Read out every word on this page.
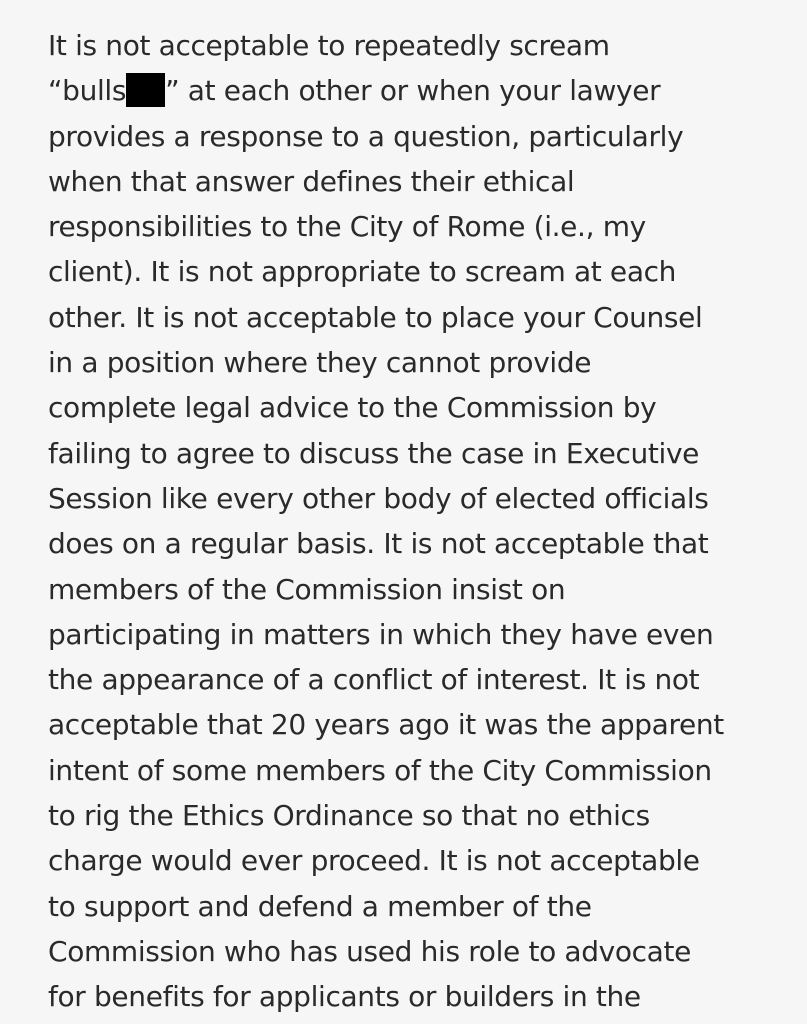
It is not acceptable to repeatedly scream
“bulls ” at each other or when your lawyer
provides a response to a question, particularly
when that answer defines their ethical
responsibilities to the City of Rome (i.e., my
client). It is not appropriate to scream at each
other. It is not acceptable to place your Counsel
in a position where they cannot provide
complete legal advice to the Commission by
failing to agree to discuss the case in Executive
Session like every other body of elected officials
does on a regular basis. It is not acceptable that
members of the Commission insist on
participating in matters in which they have even
the appearance of a conflict of interest. It is not
acceptable that 20 years ago it was the apparent
intent of some members of the City Commission
to rig the Ethics Ordinance so that no ethics
charge would ever proceed. It is not acceptable
to support and defend a member of the
Commission who has used his role to advocate
for benefits for applicants or builders in the
